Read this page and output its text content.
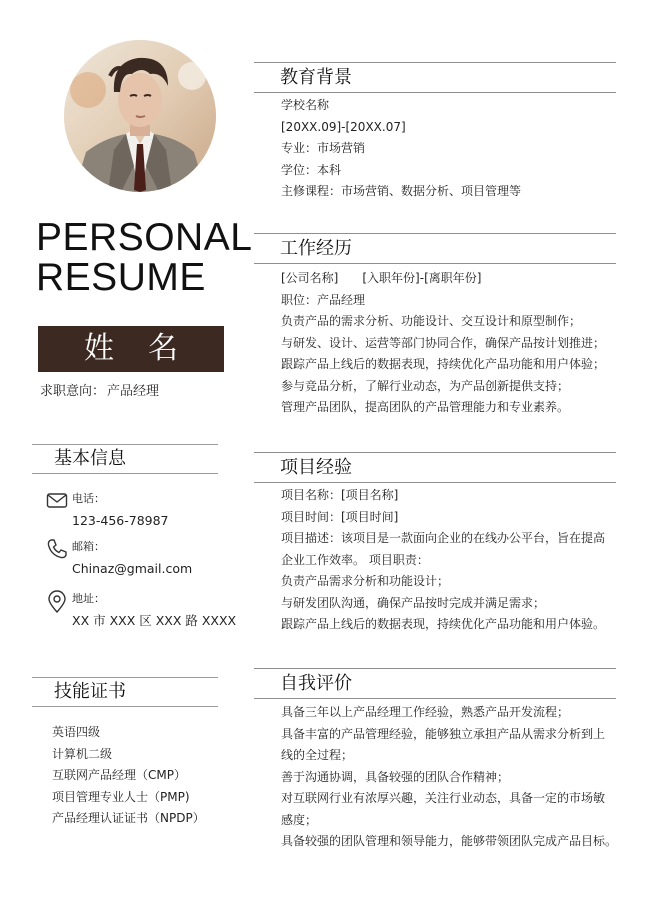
PERSONAL
RESUME
姓名
求职意向： 产品经理
基本信息
电话：
123-456-78987
邮箱：
Chinaz@gmail.com
地址：
XX 市 XXX 区 XXX 路 XXXX
技能证书
英语四级
计算机二级
互联网产品经理（CMP）
项目管理专业人士（PMP)
产品经理认证证书（NPDP）
教育背景
学校名称
[20XX.09]-[20XX.07]
专业：市场营销
学位：本科
主修课程：市场营销、数据分析、项目管理等
工作经历
[公司名称] [入职年份]-[离职年份]
职位：产品经理
负责产品的需求分析、功能设计、交互设计和原型制作；
与研发、设计、运营等部门协同合作，确保产品按计划推进；
跟踪产品上线后的数据表现，持续优化产品功能和用户体验；
参与竞品分析，了解行业动态，为产品创新提供支持；
管理产品团队，提高团队的产品管理能力和专业素养。
项目经验
项目名称：[项目名称]
项目时间：[项目时间]
项目描述：该项目是一款面向企业的在线办公平台，旨在提高企业工作效率。 项目职责：
负责产品需求分析和功能设计；
与研发团队沟通，确保产品按时完成并满足需求；
跟踪产品上线后的数据表现，持续优化产品功能和用户体验。
自我评价
具备三年以上产品经理工作经验，熟悉产品开发流程；
具备丰富的产品管理经验，能够独立承担产品从需求分析到上线的全过程；
善于沟通协调，具备较强的团队合作精神；
对互联网行业有浓厚兴趣，关注行业动态，具备一定的市场敏感度；
具备较强的团队管理和领导能力，能够带领团队完成产品目标。
